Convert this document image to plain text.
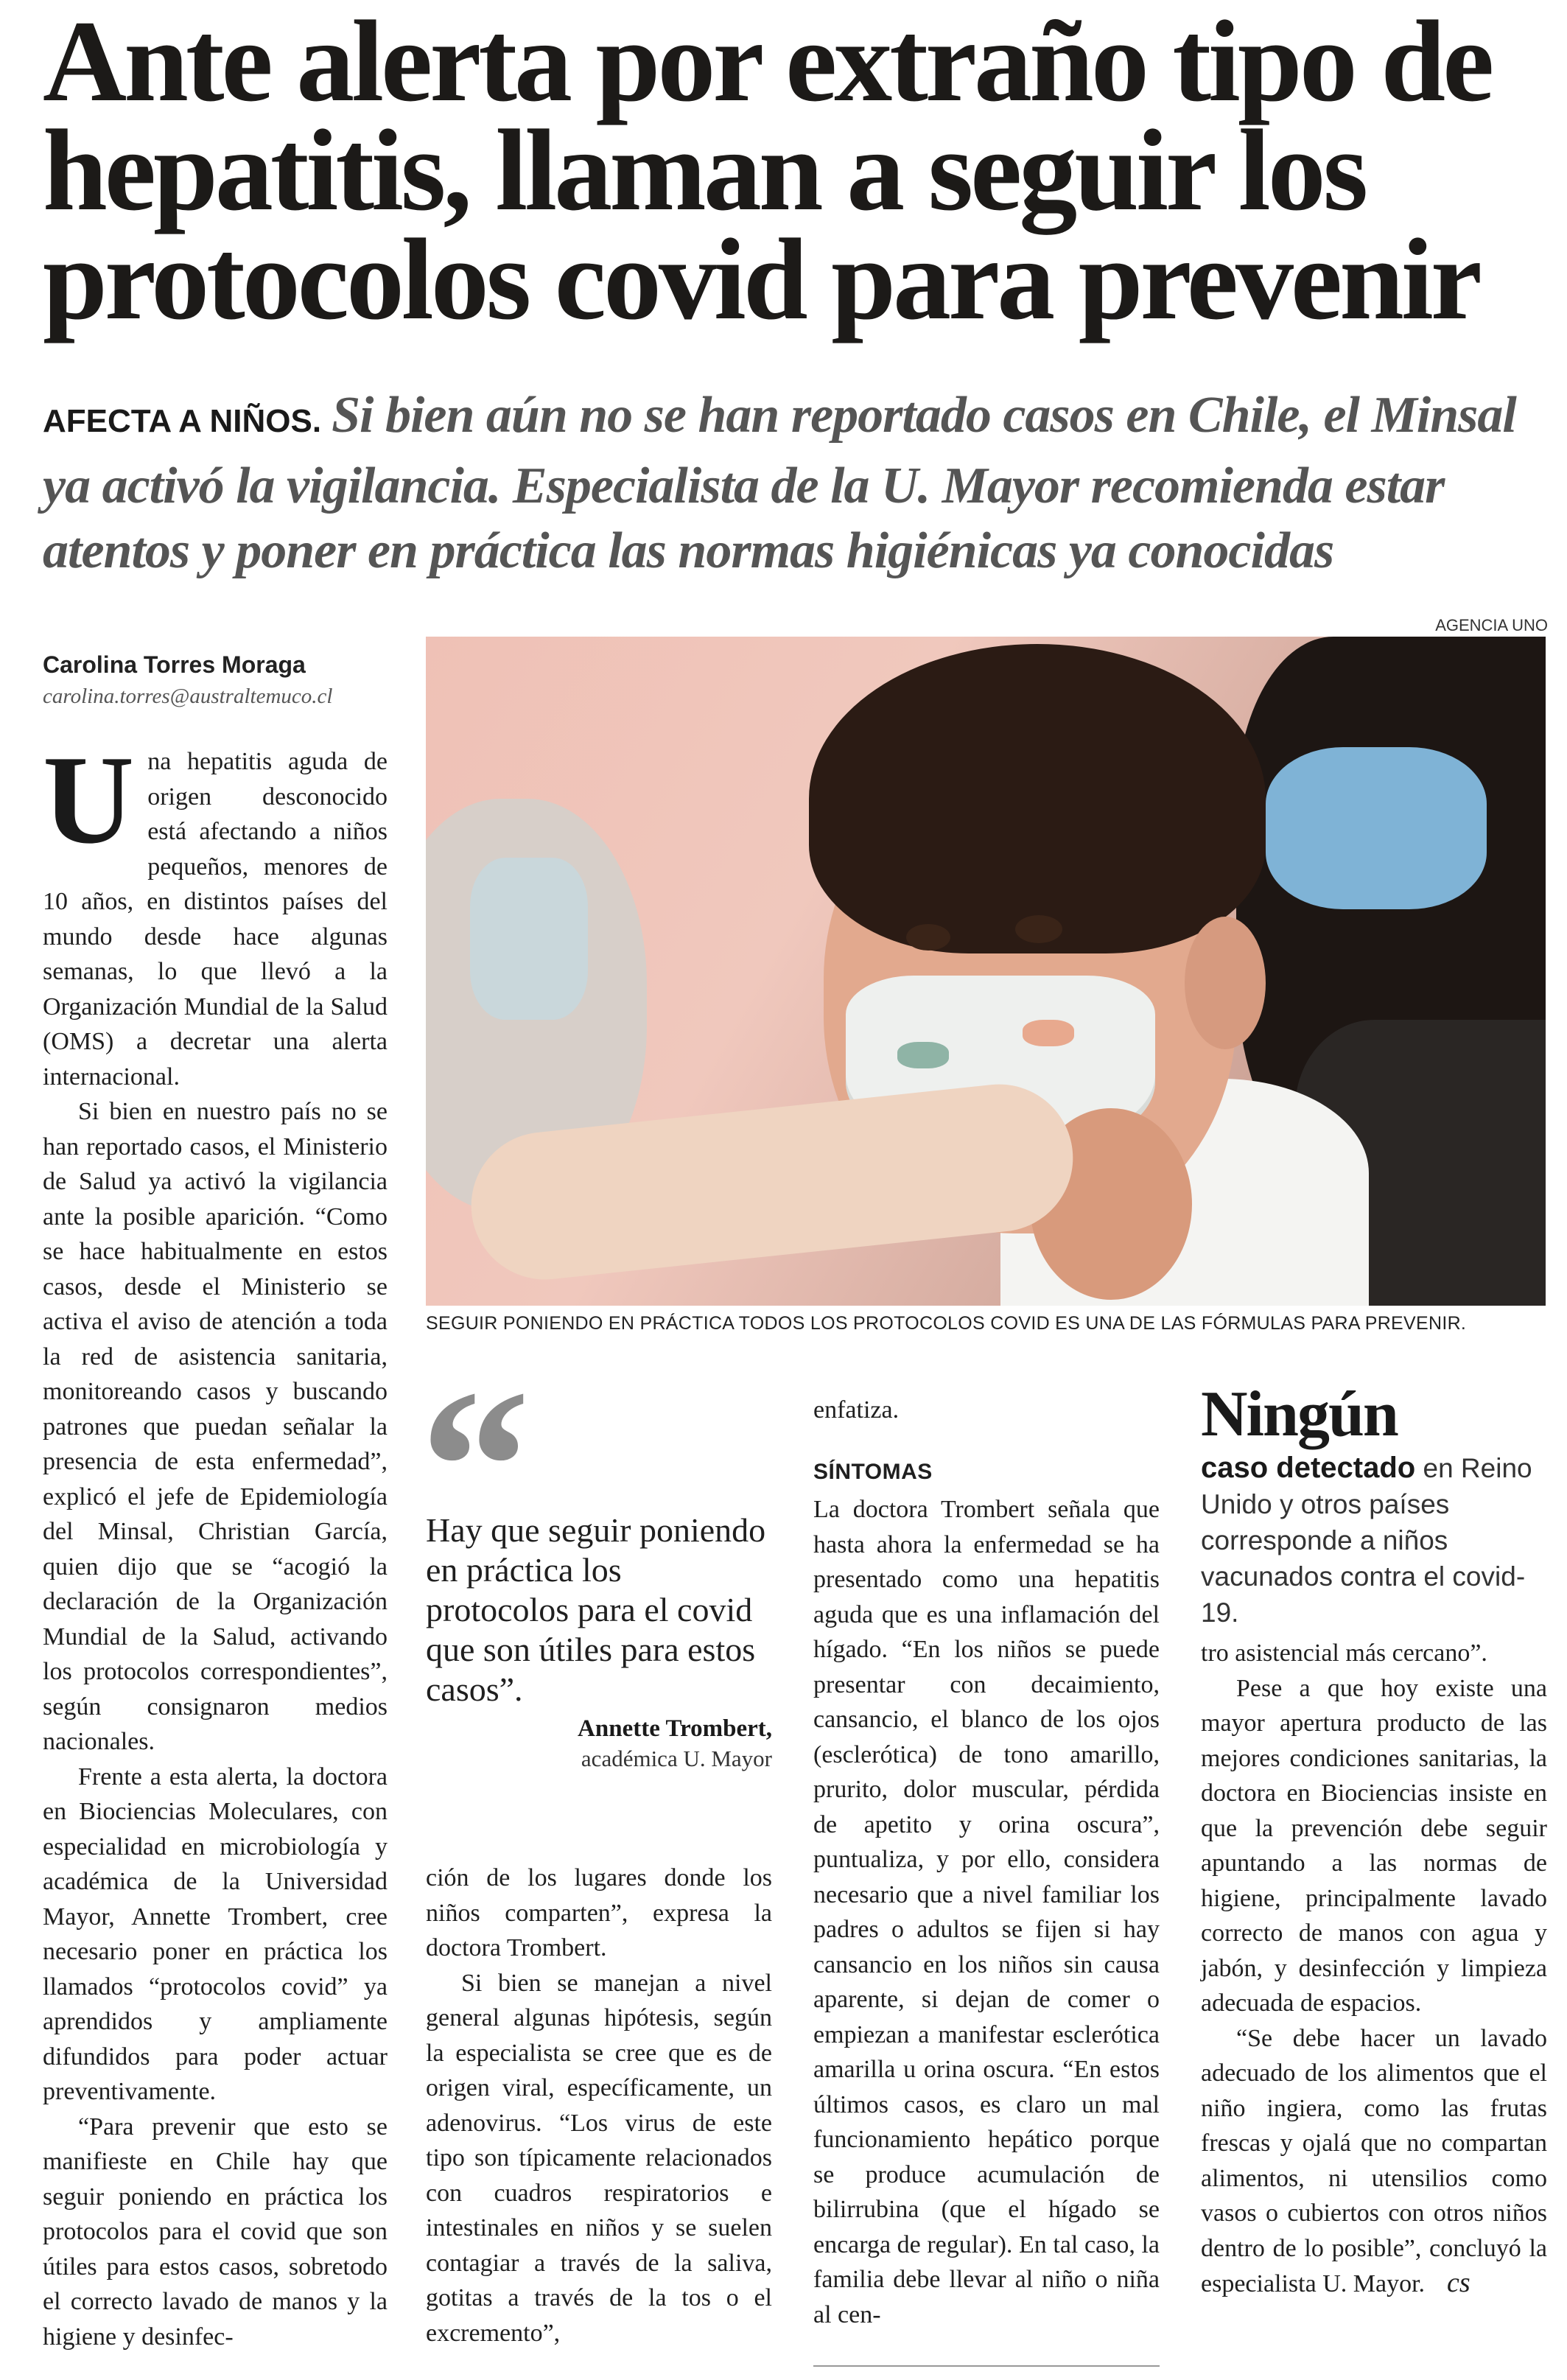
Ante alerta por extraño tipo de hepatitis, llaman a seguir los protocolos covid para prevenir
AFECTA A NIÑOS. Si bien aún no se han reportado casos en Chile, el Minsal ya activó la vigilancia. Especialista de la U. Mayor recomienda estar atentos y poner en práctica las normas higiénicas ya conocidas
AGENCIA UNO
Carolina Torres Moraga
carolina.torres@australtemuco.cl
SEGUIR PONIENDO EN PRÁCTICA TODOS LOS PROTOCOLOS COVID ES UNA DE LAS FÓRMULAS PARA PREVENIR.
U na hepatitis aguda de origen desconocido está afectando a niños pequeños, menores de 10 años, en distintos países del mundo desde hace algunas semanas, lo que llevó a la Organización Mundial de la Salud (OMS) a decretar una alerta internacional.

Si bien en nuestro país no se han reportado casos, el Ministerio de Salud ya activó la vigilancia ante la posible aparición. “Como se hace habitualmente en estos casos, desde el Ministerio se activa el aviso de atención a toda la red de asistencia sanitaria, monitoreando casos y buscando patrones que puedan señalar la presencia de esta enfermedad”, explicó el jefe de Epidemiología del Minsal, Christian García, quien dijo que se “acogió la declaración de la Organización Mundial de la Salud, activando los protocolos correspondientes”, según consignaron medios nacionales.

Frente a esta alerta, la doctora en Biociencias Moleculares, con especialidad en microbiología y académica de la Universidad Mayor, Annette Trombert, cree necesario poner en práctica los llamados “protocolos covid” ya aprendidos y ampliamente difundidos para poder actuar preventivamente.

“Para prevenir que esto se manifieste en Chile hay que seguir poniendo en práctica los protocolos para el covid que son útiles para estos casos, sobretodo el correcto lavado de manos y la higiene y desinfec-

Hay que seguir poniendo en práctica los protocolos para el covid que son útiles para estos casos”.
Annette Trombert,
académica U. Mayor

ción de los lugares donde los niños comparten”, expresa la doctora Trombert.

Si bien se manejan a nivel general algunas hipótesis, según la especialista se cree que es de origen viral, específicamente, un adenovirus. “Los virus de este tipo son típicamente relacionados con cuadros respiratorios e intestinales en niños y se suelen contagiar a través de la saliva, gotitas a través de la tos o el excremento”,

enfatiza.

SÍNTOMAS

La doctora Trombert señala que hasta ahora la enfermedad se ha presentado como una hepatitis aguda que es una inflamación del hígado. “En los niños se puede presentar con decaimiento, cansancio, el blanco de los ojos (esclerótica) de tono amarillo, prurito, dolor muscular, pérdida de apetito y orina oscura”, puntualiza, y por ello, considera necesario que a nivel familiar los padres o adultos se fijen si hay cansancio en los niños sin causa aparente, si dejan de comer o empiezan a manifestar esclerótica amarilla u orina oscura. “En estos últimos casos, es claro un mal funcionamiento hepático porque se produce acumulación de bilirrubina (que el hígado se encarga de regular). En tal caso, la familia debe llevar al niño o niña al cen-

Ningún
caso detectado en Reino Unido y otros países corresponde a niños vacunados contra el covid-19.

tro asistencial más cercano”.

Pese a que hoy existe una mayor apertura producto de las mejores condiciones sanitarias, la doctora en Biociencias insiste en que la prevención debe seguir apuntando a las normas de higiene, principalmente lavado correcto de manos con agua y jabón, y desinfección y limpieza adecuada de espacios.

“Se debe hacer un lavado adecuado de los alimentos que el niño ingiera, como las frutas frescas y ojalá que no compartan alimentos, ni utensilios como vasos o cubiertos con otros niños dentro de lo posible”, concluyó la especialista U. Mayor. cs
